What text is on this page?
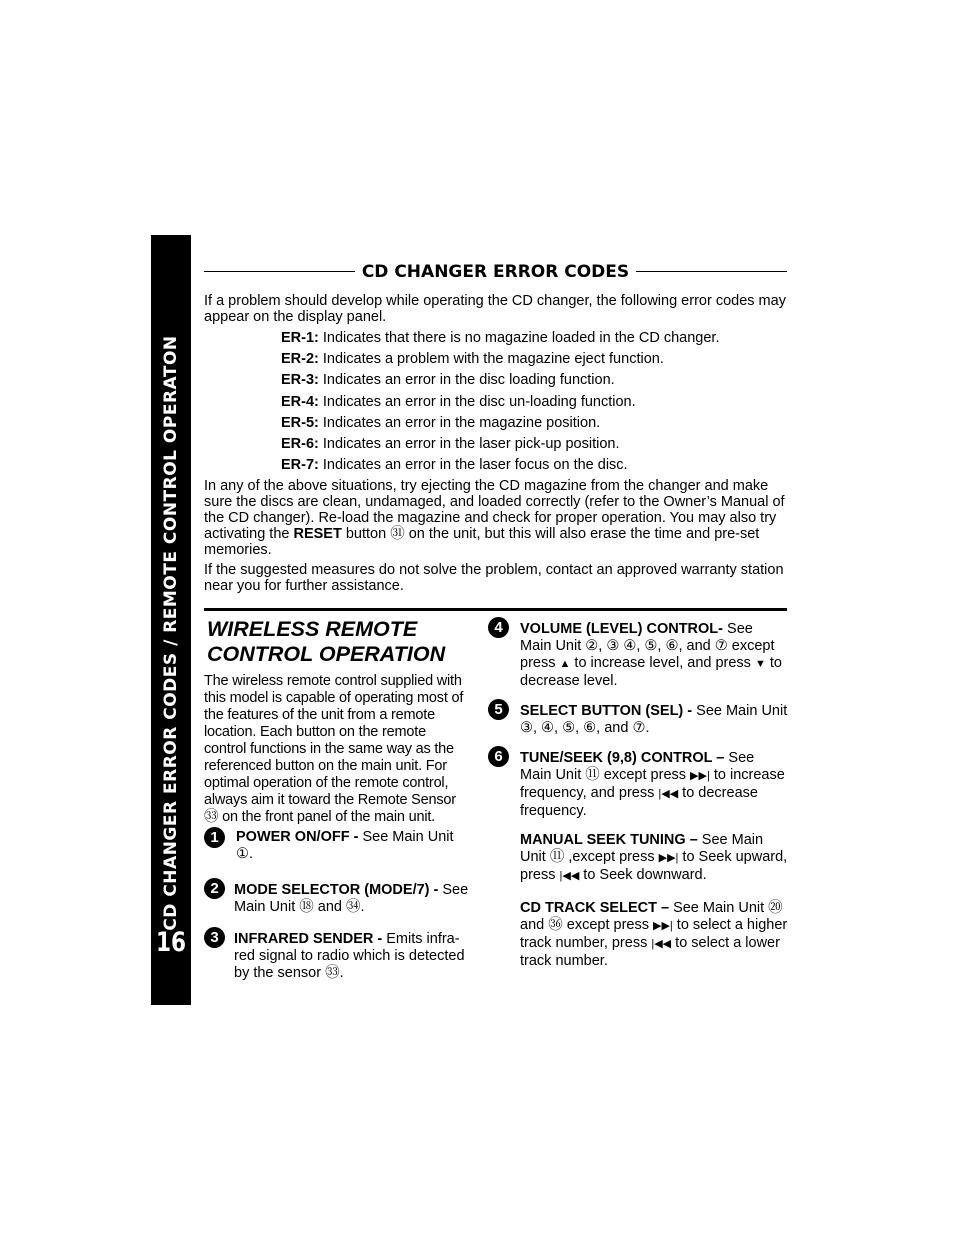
CD CHANGER ERROR CODES / REMOTE CONTROL OPERATON
16
CD CHANGER ERROR CODES
If a problem should develop while operating the CD changer, the following error codes may appear on the display panel.
ER-1: Indicates that there is no magazine loaded in the CD changer.
ER-2: Indicates a problem with the magazine eject function.
ER-3: Indicates an error in the disc loading function.
ER-4: Indicates an error in the disc un-loading function.
ER-5: Indicates an error in the magazine position.
ER-6: Indicates an error in the laser pick-up position.
ER-7: Indicates an error in the laser focus on the disc.
In any of the above situations, try ejecting the CD magazine from the changer and make sure the discs are clean, undamaged, and loaded correctly (refer to the Owner’s Manual of the CD changer). Re-load the magazine and check for proper operation. You may also try activating the RESET button ㉛ on the unit, but this will also erase the time and pre-set memories.
If the suggested measures do not solve the problem, contact an approved warranty station near you for further assistance.
WIRELESS REMOTE
CONTROL OPERATION
The wireless remote control supplied with this model is capable of operating most of the features of the unit from a remote location. Each button on the remote control functions in the same way as the referenced button on the main unit. For optimal operation of the remote control, always aim it toward the Remote Sensor ㉝ on the front panel of the main unit.
1	POWER ON/OFF - See Main Unit ①.
2	MODE SELECTOR (MODE/7) - See Main Unit ⑱ and ㉞.
3	INFRARED SENDER - Emits infra-red signal to radio which is detected by the sensor ㉝.
4	VOLUME (LEVEL) CONTROL- See Main Unit ②, ③ ④, ⑤, ⑥, and ⑦ except press ▲ to increase level, and press ▼ to decrease level.
5	SELECT BUTTON (SEL) - See Main Unit ③, ④, ⑤, ⑥, and ⑦.
6	TUNE/SEEK (9,8) CONTROL – See Main Unit ⑪ except press ▶▶| to increase frequency, and press |◀◀ to decrease frequency.
MANUAL SEEK TUNING – See Main Unit ⑪ ,except press ▶▶| to Seek upward, press |◀◀ to Seek downward.
CD TRACK SELECT – See Main Unit ⑳ and ㊱ except press ▶▶| to select a higher track number, press |◀◀ to select a lower track number.
